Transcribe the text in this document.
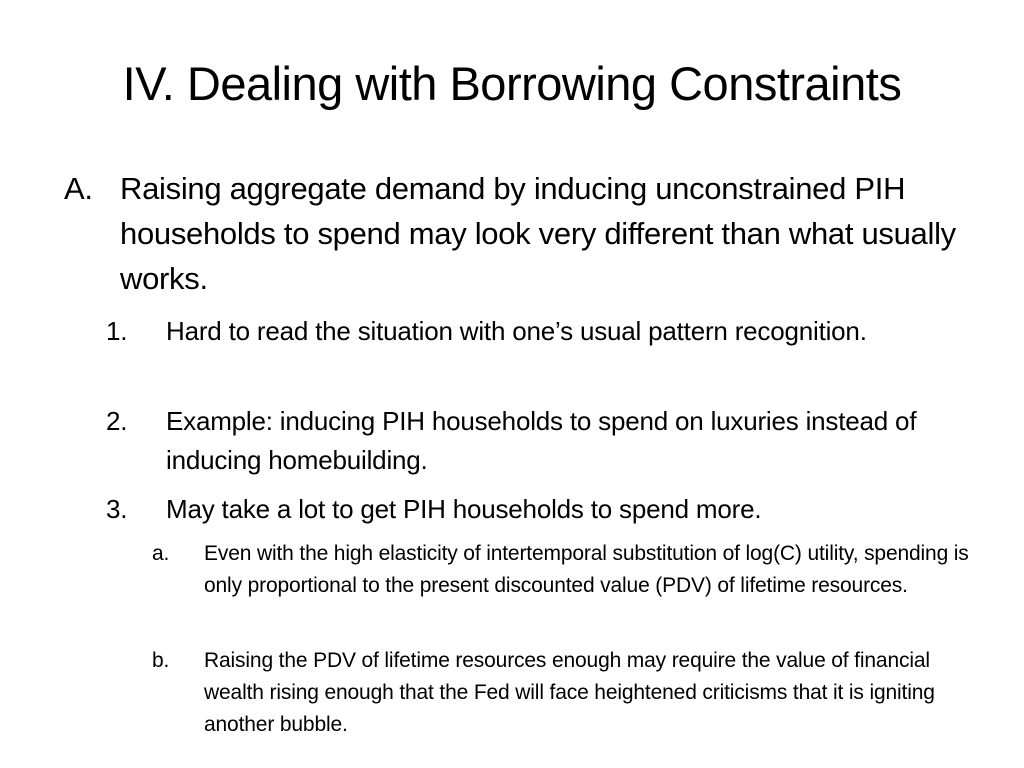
IV. Dealing with Borrowing Constraints
A. Raising aggregate demand by inducing unconstrained PIH households to spend may look very different than what usually works.
1.	Hard to read the situation with one’s usual pattern recognition.
2.	Example: inducing PIH households to spend on luxuries instead of inducing homebuilding.
3.	May take a lot to get PIH households to spend more.
a.	Even with the high elasticity of intertemporal substitution of log(C) utility, spending is only proportional to the present discounted value (PDV) of lifetime resources.
b.	Raising the PDV of lifetime resources enough may require the value of financial wealth rising enough that the Fed will face heightened criticisms that it is igniting another bubble.
